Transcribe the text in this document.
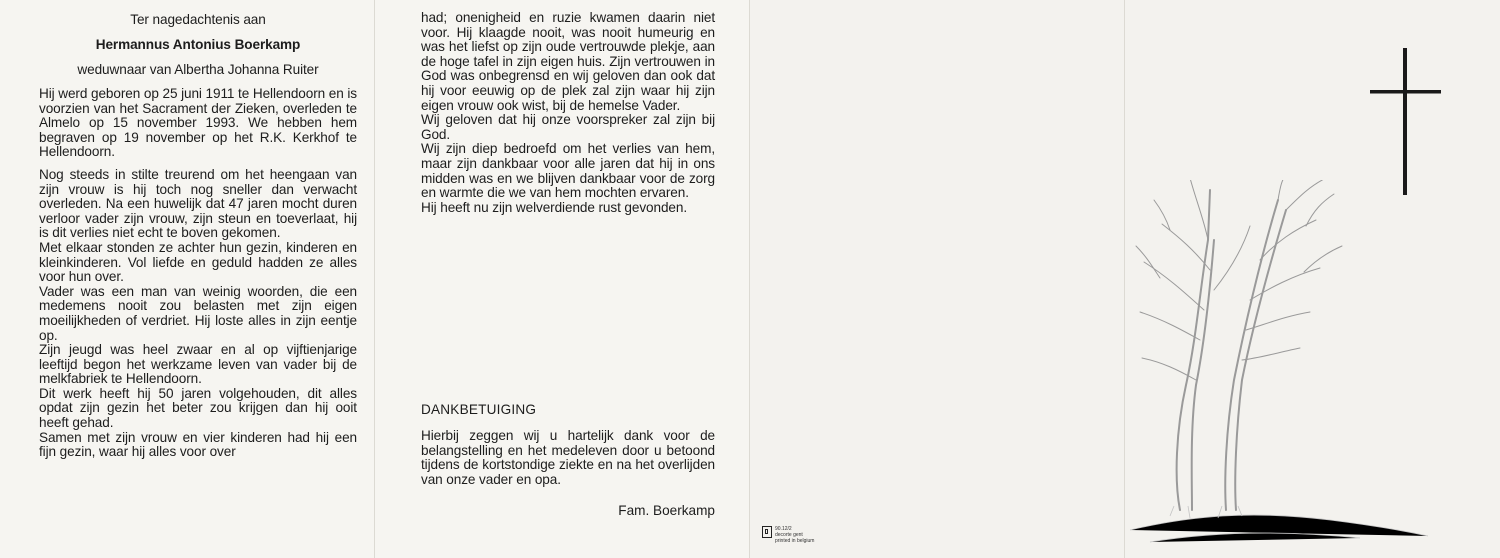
Ter nagedachtenis aan
Hermannus Antonius Boerkamp
weduwnaar van Albertha Johanna Ruiter

Hij werd geboren op 25 juni 1911 te Hellendoorn en is voorzien van het Sacrament der Zieken, overleden te Almelo op 15 november 1993. We hebben hem begraven op 19 november op het R.K. Kerkhof te Hellendoorn.

Nog steeds in stilte treurend om het heengaan van zijn vrouw is hij toch nog sneller dan verwacht overleden. Na een huwelijk dat 47 jaren mocht duren verloor vader zijn vrouw, zijn steun en toeverlaat, hij is dit verlies niet echt te boven gekomen.

Met elkaar stonden ze achter hun gezin, kinderen en kleinkinderen. Vol liefde en geduld hadden ze alles voor hun over.

Vader was een man van weinig woorden, die een medemens nooit zou belasten met zijn eigen moeilijkheden of verdriet. Hij loste alles in zijn eentje op.

Zijn jeugd was heel zwaar en al op vijftienjarige leeftijd begon het werkzame leven van vader bij de melkfabriek te Hellendoorn.

Dit werk heeft hij 50 jaren volgehouden, dit alles opdat zijn gezin het beter zou krijgen dan hij ooit heeft gehad.

Samen met zijn vrouw en vier kinderen had hij een fijn gezin, waar hij alles voor over

had; onenigheid en ruzie kwamen daarin niet voor. Hij klaagde nooit, was nooit humeurig en was het liefst op zijn oude vertrouwde plekje, aan de hoge tafel in zijn eigen huis. Zijn vertrouwen in God was onbegrensd en wij geloven dan ook dat hij voor eeuwig op de plek zal zijn waar hij zijn eigen vrouw ook wist, bij de hemelse Vader.

Wij geloven dat hij onze voorspreker zal zijn bij God.

Wij zijn diep bedroefd om het verlies van hem, maar zijn dankbaar voor alle jaren dat hij in ons midden was en we blijven dankbaar voor de zorg en warmte die we van hem mochten ervaren.

Hij heeft nu zijn welverdiende rust gevonden.

DANKBETUIGING

Hierbij zeggen wij u hartelijk dank voor de belangstelling en het medeleven door u betoond tijdens de kortstondige ziekte en na het overlijden van onze vader en opa.

Fam. Boerkamp
90.12/2
decorte gent
printed in belgium
